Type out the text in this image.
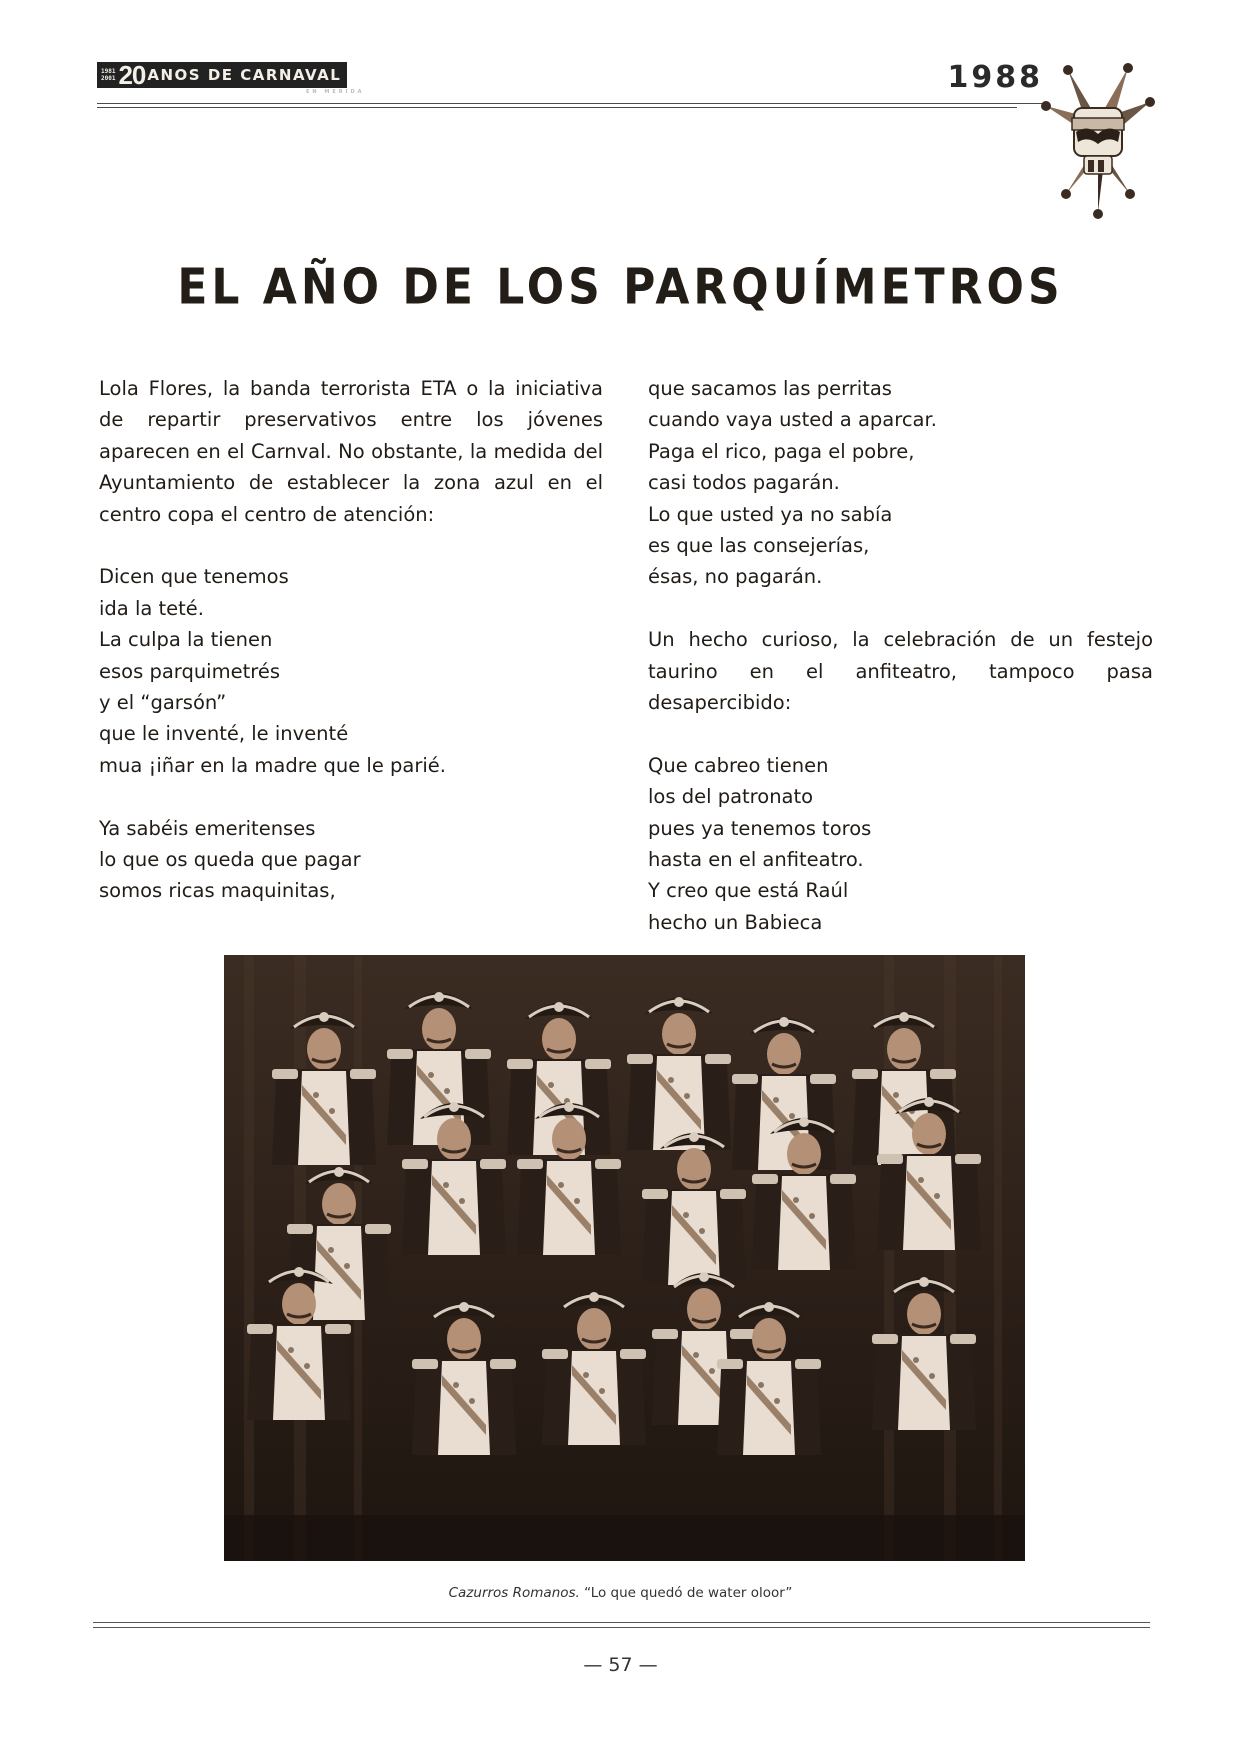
1981
2001 20 ANOS DE CARNAVAL
EN MERIDA	1988
EL AÑO DE LOS PARQUÍMETROS

Lola Flores, la banda terrorista ETA o la iniciativa de repartir preservativos entre los jóvenes aparecen en el Carnval. No obstante, la medida del Ayuntamiento de establecer la zona azul en el centro copa el centro de atención:

Dicen que tenemos
ida la teté.
La culpa la tienen
esos parquimetrés
y el “garsón”
que le inventé, le inventé
mua ¡iñar en la madre que le parié.
Ya sabéis emeritenses
lo que os queda que pagar
somos ricas maquinitas,
que sacamos las perritas
cuando vaya usted a aparcar.
Paga el rico, paga el pobre,
casi todos pagarán.
Lo que usted ya no sabía
es que las consejerías,
ésas, no pagarán.

Un hecho curioso, la celebración de un festejo taurino en el anfiteatro, tampoco pasa desapercibido:

Que cabreo tienen
los del patronato
pues ya tenemos toros
hasta en el anfiteatro.
Y creo que está Raúl
hecho un Babieca
Cazurros Romanos. “Lo que quedó de water oloor”
— 57 —
